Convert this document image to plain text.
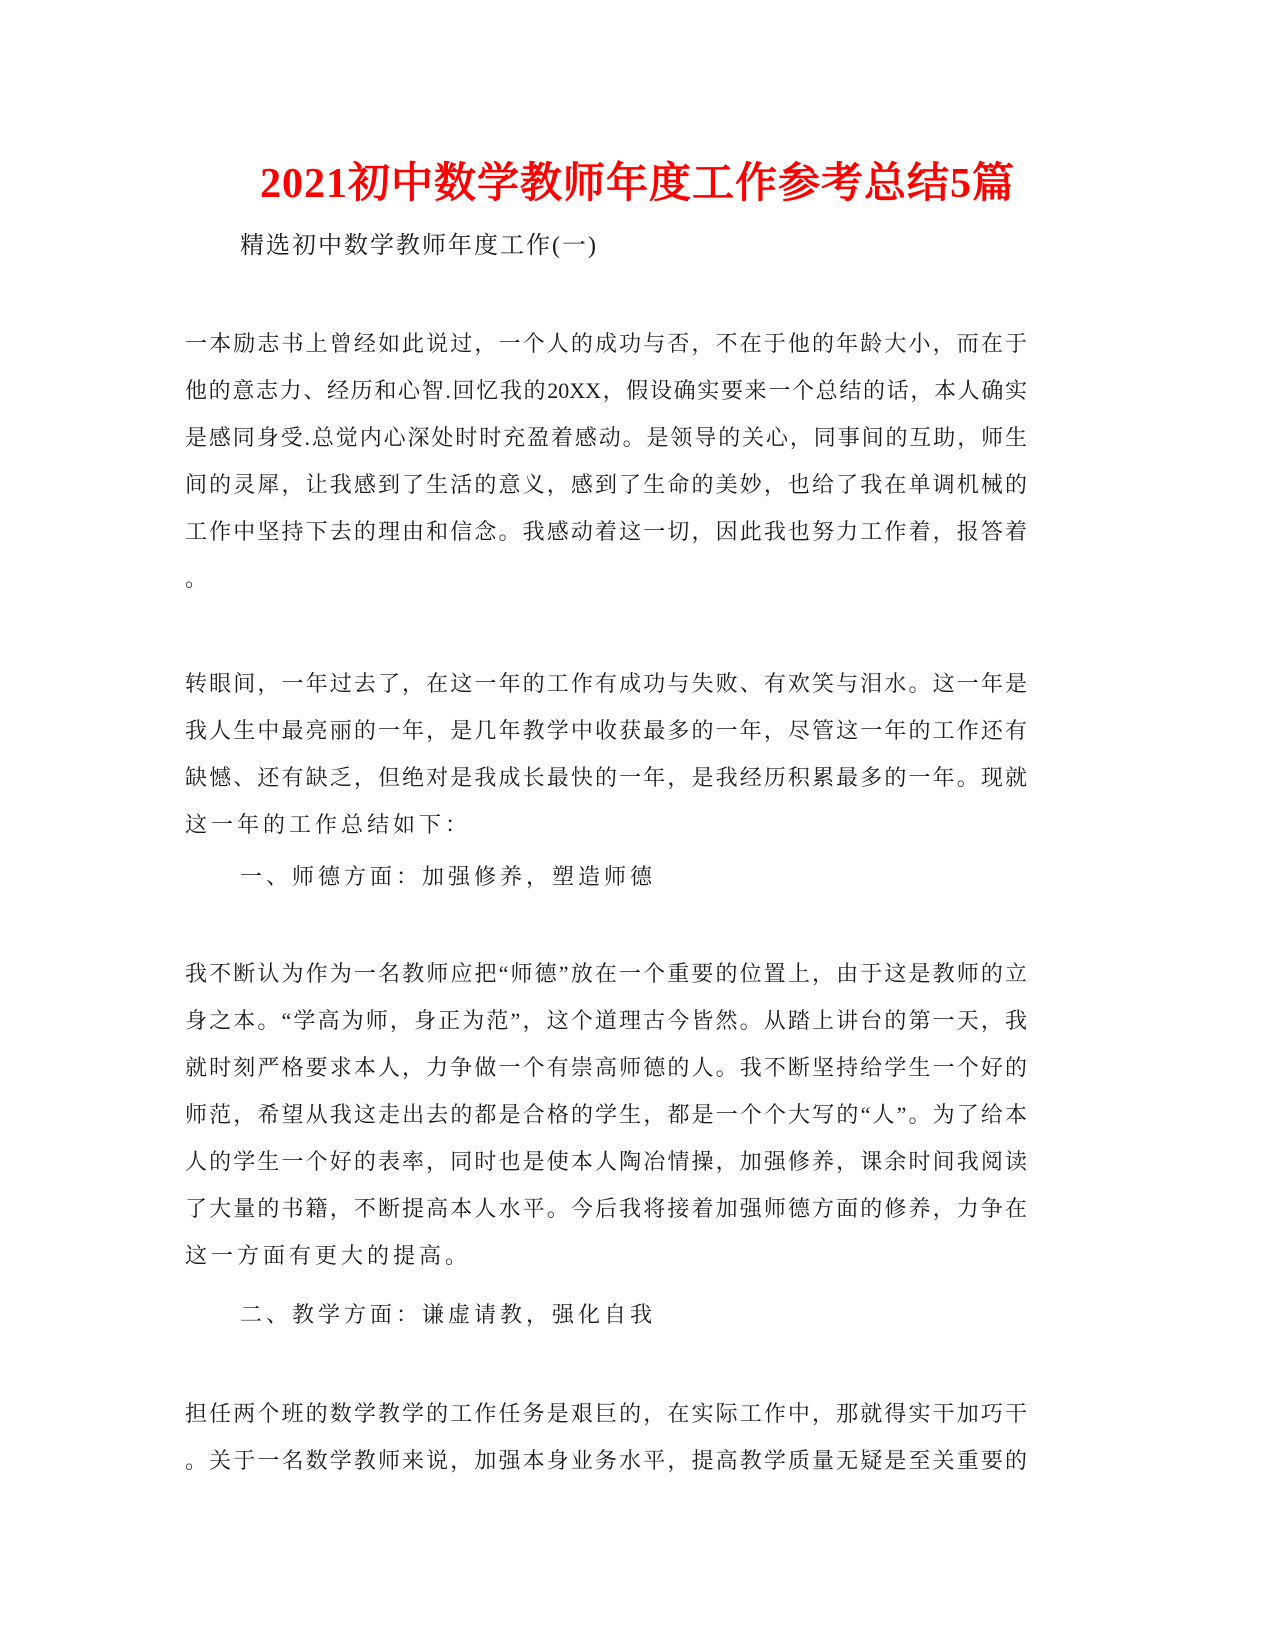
2021初中数学教师年度工作参考总结5篇
精选初中数学教师年度工作(一)
一本励志书上曾经如此说过，一个人的成功与否，不在于他的年龄大小，而在于
他的意志力、经历和心智.回忆我的20XX，假设确实要来一个总结的话，本人确实
是感同身受.总觉内心深处时时充盈着感动。是领导的关心，同事间的互助，师生
间的灵犀，让我感到了生活的意义，感到了生命的美妙，也给了我在单调机械的
工作中坚持下去的理由和信念。我感动着这一切，因此我也努力工作着，报答着
。
转眼间，一年过去了，在这一年的工作有成功与失败、有欢笑与泪水。这一年是
我人生中最亮丽的一年，是几年教学中收获最多的一年，尽管这一年的工作还有
缺憾、还有缺乏，但绝对是我成长最快的一年，是我经历积累最多的一年。现就
这一年的工作总结如下：
一、师德方面：加强修养，塑造师德
我不断认为作为一名教师应把“师德”放在一个重要的位置上，由于这是教师的立
身之本。“学高为师，身正为范”，这个道理古今皆然。从踏上讲台的第一天，我
就时刻严格要求本人，力争做一个有崇高师德的人。我不断坚持给学生一个好的
师范，希望从我这走出去的都是合格的学生，都是一个个大写的“人”。为了给本
人的学生一个好的表率，同时也是使本人陶冶情操，加强修养，课余时间我阅读
了大量的书籍，不断提高本人水平。今后我将接着加强师德方面的修养，力争在
这一方面有更大的提高。
二、教学方面：谦虚请教，强化自我
担任两个班的数学教学的工作任务是艰巨的，在实际工作中，那就得实干加巧干
。关于一名数学教师来说，加强本身业务水平，提高教学质量无疑是至关重要的
